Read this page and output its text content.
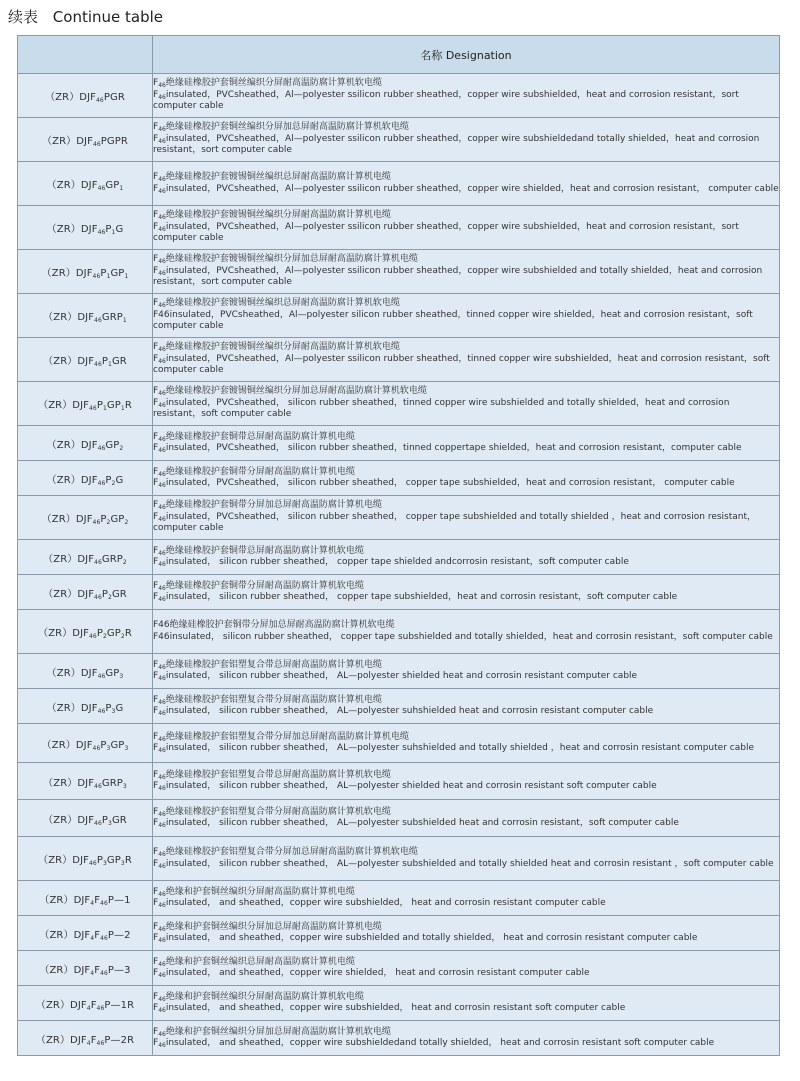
续表 Continue table
	名称 Designation
$(ZR)DJF_{46}PGR$	$F_{46}$绝缘硅橡胶护套铜丝编织分屏耐高温防腐计算机软电缆
$F_{46}insulated$，PVCsheathed，Al—polyester ssilicon rubber sheathed，copper wire subshielded，heat and corrosion resistant，sort computer cable

$(ZR)DJF_{46}PGPR$	$F_{46}$绝缘硅橡胶护套铜丝编织分屏加总屏耐高温防腐计算机软电缆
$F_{46}insulated$，PVCsheathed，Al—polyester ssilicon rubber sheathed，copper wire subshieldedand totally shielded，heat and corrosion resistant，sort computer cable

$(ZR)DJF_{46}GP_1$	$F_{46}$绝缘硅橡胶护套镀锡铜丝编织总屏耐高温防腐计算机电缆
$F_{46}insulated$，PVCsheathed，Al—polyester ssilicon rubber sheathed，copper wire shielded，heat and corrosion resistant， computer cable

$(ZR)DJF_{46}P_1G$	$F_{46}$绝缘硅橡胶护套镀锡铜丝编织分屏耐高温防腐计算机电缆
$F_{46}insulated$，PVCsheathed，Al—polyester ssilicon rubber sheathed，copper wire subshielded，heat and corrosion resistant，sort computer cable

$(ZR)DJF_{46}P_1GP_1$	$F_{46}$绝缘硅橡胶护套镀锡铜丝编织分屏加总屏耐高温防腐计算机电缆
$F_{46}insulated$，PVCsheathed，Al—polyester ssilicon rubber sheathed，copper wire subshielded and totally shielded，heat and corrosion resistant，sort computer cable

$(ZR)DJF_{46}GRP_1$	$F_{46}$绝缘硅橡胶护套镀锡铜丝编织总屏耐高温防腐计算机软电缆
F46insulated，PVCsheathed，Al—polyester silicon rubber sheathed，tinned copper wire shielded，heat and corrosion resistant，soft computer cable

$(ZR)DJF_{46}P_1GR$	$F_{46}$绝缘硅橡胶护套镀锡铜丝编织分屏耐高温防腐计算机软电缆
$F_{46}insulated$，PVCsheathed，Al—polyester ssilicon rubber sheathed，tinned copper wire subshielded，heat and corrosion resistant，soft computer cable

$(ZR)DJF_{46}P_1GP_1R$	$F_{46}$绝缘硅橡胶护套镀锡铜丝编织分屏加总屏耐高温防腐计算机软电缆
$F_{46}insulated$，PVCsheathed， silicon rubber sheathed，tinned copper wire subshielded and totally shielded，heat and corrosion resistant，soft computer cable

$(ZR)DJF_{46}GP_2$	$F_{46}$绝缘硅橡胶护套铜带总屏耐高温防腐计算机电缆
$F_{46}insulated$，PVCsheathed， silicon rubber sheathed，tinned coppertape shielded，heat and corrosion resistant，computer cable

$(ZR)DJF_{46}P_2G$	$F_{46}$绝缘硅橡胶护套铜带分屏耐高温防腐计算机电缆
$F_{46}insulated$，PVCsheathed， silicon rubber sheathed， copper tape subshielded，heat and corrosion resistant， computer cable

$(ZR)DJF_{46}P_2GP_2$	$F_{46}$绝缘硅橡胶护套铜带分屏加总屏耐高温防腐计算机电缆
$F_{46}insulated$，PVCsheathed， silicon rubber sheathed， copper tape subshielded and totally shielded ，heat and corrosion resistant，computer cable

$(ZR)DJF_{46}GRP_2$	$F_{46}$绝缘硅橡胶护套铜带总屏耐高温防腐计算机软电缆
$F_{46}insulated$， silicon rubber sheathed， copper tape shielded andcorrosin resistant，soft computer cable

$(ZR)DJF_{46}P_2GR$	$F_{46}$绝缘硅橡胶护套铜带分屏耐高温防腐计算机软电缆
$F_{46}insulated$， silicon rubber sheathed， copper tape subshielded，heat and corrosin resistant，soft computer cable

$(ZR)DJF_{46}P_2GP_2R$	F46绝缘硅橡胶护套铜带分屏加总屏耐高温防腐计算机软电缆
F46insulated， silicon rubber sheathed， copper tape subshielded and totally shielded，heat and corrosin resistant，soft computer cable

$(ZR)DJF_{46}GP_3$	$F_{46}$绝缘硅橡胶护套铝塑复合带总屏耐高温防腐计算机电缆
$F_{46}insulated$， silicon rubber sheathed， AL—polyester shielded heat and corrosin resistant computer cable

$(ZR)DJF_{46}P_3G$	$F_{46}$绝缘硅橡胶护套铝塑复合带分屏耐高温防腐计算机电缆
$F_{46}insulated$， silicon rubber sheathed， AL—polyester suhshielded heat and corrosin resistant computer cable

$(ZR)DJF_{46}P_3GP_3$	$F_{46}$绝缘硅橡胶护套铝塑复合带分屏加总屏耐高温防腐计算机电缆
$F_{46}insulated$， silicon rubber sheathed， AL—polyester suhshielded and totally shielded ，heat and corrosin resistant computer cable

$(ZR)DJF_{46}GRP_3$	$F_{46}$绝缘硅橡胶护套铝塑复合带总屏耐高温防腐计算机软电缆
$F_{46}insulated$， silicon rubber sheathed， AL—polyester shielded heat and corrosin resistant soft computer cable

$(ZR)DJF_{46}P_3GR$	$F_{46}$绝缘硅橡胶护套铝塑复合带分屏耐高温防腐计算机软电缆
$F_{46}insulated$， silicon rubber sheathed， AL—polyester subshielded heat and corrosin resistant，soft computer cable

$(ZR)DJF_{46}P_3GP_3R$	$F_{46}$绝缘硅橡胶护套铝塑复合带分屏加总屏耐高温防腐计算机软电缆
$F_{46}insulated$， silicon rubber sheathed， AL—polyester subshielded and totally shielded heat and corrosin resistant ，soft computer cable

$(ZR)DJF_4F_{46}P—1$	$F_{46}$绝缘和护套铜丝编织分屏耐高温防腐计算机电缆
$F_{46}insulated$， and sheathed，copper wire subshielded， heat and corrosin resistant computer cable

$(ZR)DJF_4F_{46}P—2$	$F_{46}$绝缘和护套铜丝编织分屏加总屏耐高温防腐计算机电缆
$F_{46}insulated$， and sheathed，copper wire subshielded and totally shielded， heat and corrosin resistant computer cable

$(ZR)DJF_4F_{46}P—3$	$F_{46}$绝缘和护套铜丝编织总屏耐高温防腐计算机电缆
$F_{46}insulated$， and sheathed，copper wire shielded， heat and corrosin resistant computer cable

$(ZR)DJF_4F_{46}P—1R$	$F_{46}$绝缘和护套铜丝编织分屏耐高温防腐计算机软电缆
$F_{46}insulated$， and sheathed，copper wire subshielded， heat and corrosin resistant soft computer cable

$(ZR)DJF_4F_{46}P—2R$	$F_{46}$绝缘和护套铜丝编织分屏加总屏耐高温防腐计算机软电缆
$F_{46}insulated$， and sheathed，copper wire subshieldedand totally shielded， heat and corrosin resistant soft computer cable
